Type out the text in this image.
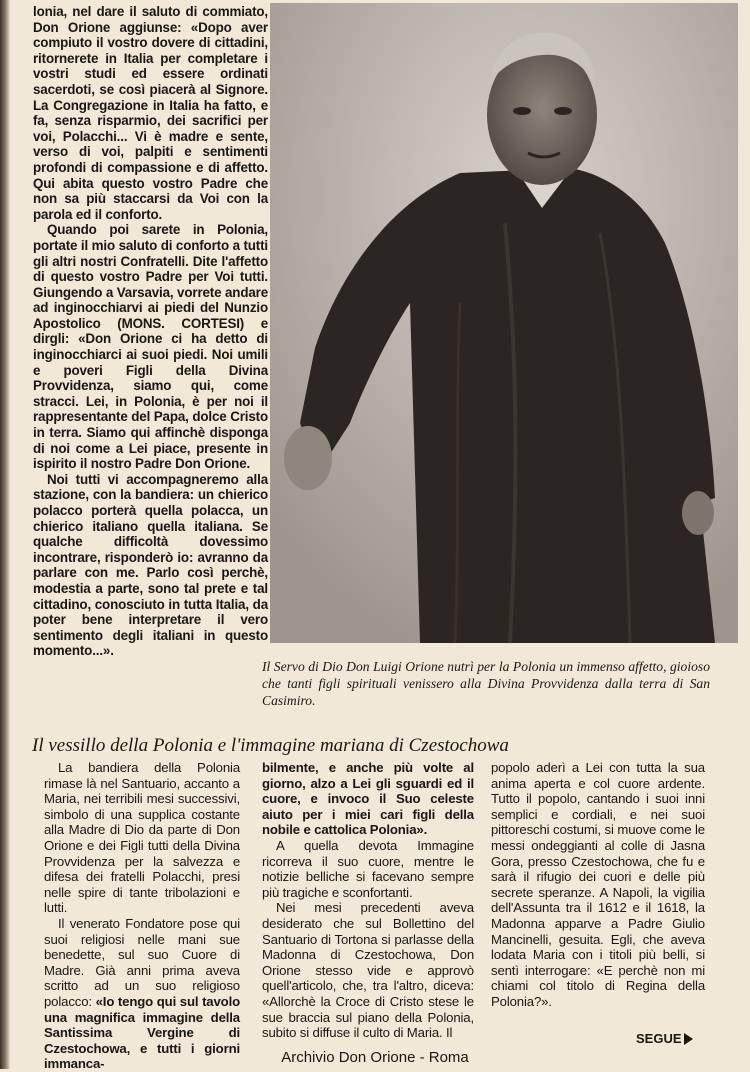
lonia, nel dare il saluto di commiato, Don Orione aggiunse: «Dopo aver compiuto il vostro dovere di cittadini, ritornerete in Italia per completare i vostri studi ed essere ordinati sacerdoti, se così piacerà al Signore. La Congregazione in Italia ha fatto, e fa, senza risparmio, dei sacrifici per voi, Polacchi... Vi è madre e sente, verso di voi, palpiti e sentimenti profondi di compassione e di affetto. Qui abita questo vostro Padre che non sa più staccarsi da Voi con la parola ed il conforto.

Quando poi sarete in Polonia, portate il mio saluto di conforto a tutti gli altri nostri Confratelli. Dite l'affetto di questo vostro Padre per Voi tutti. Giungendo a Varsavia, vorrete andare ad inginocchiarvi ai piedi del Nunzio Apostolico (MONS. CORTESI) e dirgli: «Don Orione ci ha detto di inginocchiarci ai suoi piedi. Noi umili e poveri Figli della Divina Provvidenza, siamo qui, come stracci. Lei, in Polonia, è per noi il rappresentante del Papa, dolce Cristo in terra. Siamo qui affinchè disponga di noi come a Lei piace, presente in ispirito il nostro Padre Don Orione.

Noi tutti vi accompagneremo alla stazione, con la bandiera: un chierico polacco porterà quella polacca, un chierico italiano quella italiana. Se qualche difficoltà dovessimo incontrare, risponderò io: avranno da parlare con me. Parlo così perchè, modestia a parte, sono tal prete e tal cittadino, conosciuto in tutta Italia, da poter bene interpretare il vero sentimento degli italiani in questo momento...».

Il Servo di Dio Don Luigi Orione nutrì per la Polonia un immenso affetto, gioioso che tanti figli spirituali venissero alla Divina Provvidenza dalla terra di San Casimiro.

Il vessillo della Polonia e l'immagine mariana di Czestochowa

La bandiera della Polonia rimase là nel Santuario, accanto a Maria, nei terribili mesi successivi, simbolo di una supplica costante alla Madre di Dio da parte di Don Orione e dei Figli tutti della Divina Provvidenza per la salvezza e difesa dei fratelli Polacchi, presi nelle spire di tante tribolazioni e lutti.

Il venerato Fondatore pose qui suoi religiosi nelle mani sue benedette, sul suo Cuore di Madre. Già anni prima aveva scritto ad un suo religioso polacco: «Io tengo qui sul tavolo una magnifica immagine della Santissima Vergine di Czestochowa, e tutti i giorni immanca-

bilmente, e anche più volte al giorno, alzo a Lei gli sguardi ed il cuore, e invoco il Suo celeste aiuto per i miei cari figli della nobile e cattolica Polonia».

A quella devota Immagine ricorreva il suo cuore, mentre le notizie belliche si facevano sempre più tragiche e sconfortanti.

Nei mesi precedenti aveva desiderato che sul Bollettino del Santuario di Tortona si parlasse della Madonna di Czestochowa, Don Orione stesso vide e approvò quell'articolo, che, tra l'altro, diceva: «Allorchè la Croce di Cristo stese le sue braccia sul piano della Polonia, subito si diffuse il culto di Maria. Il

popolo aderì a Lei con tutta la sua anima aperta e col cuore ardente. Tutto il popolo, cantando i suoi inni semplici e cordiali, e nei suoi pittoreschi costumi, si muove come le messi ondeggianti al colle di Jasna Gora, presso Czestochowa, che fu e sarà il rifugio dei cuori e delle più secrete speranze. A Napoli, la vigilia dell'Assunta tra il 1612 e il 1618, la Madonna apparve a Padre Giulio Mancinelli, gesuita. Egli, che aveva lodata Maria con i titoli più belli, si sentì interrogare: «E perchè non mi chiami col titolo di Regina della Polonia?».

SEGUE

Archivio Don Orione - Roma
